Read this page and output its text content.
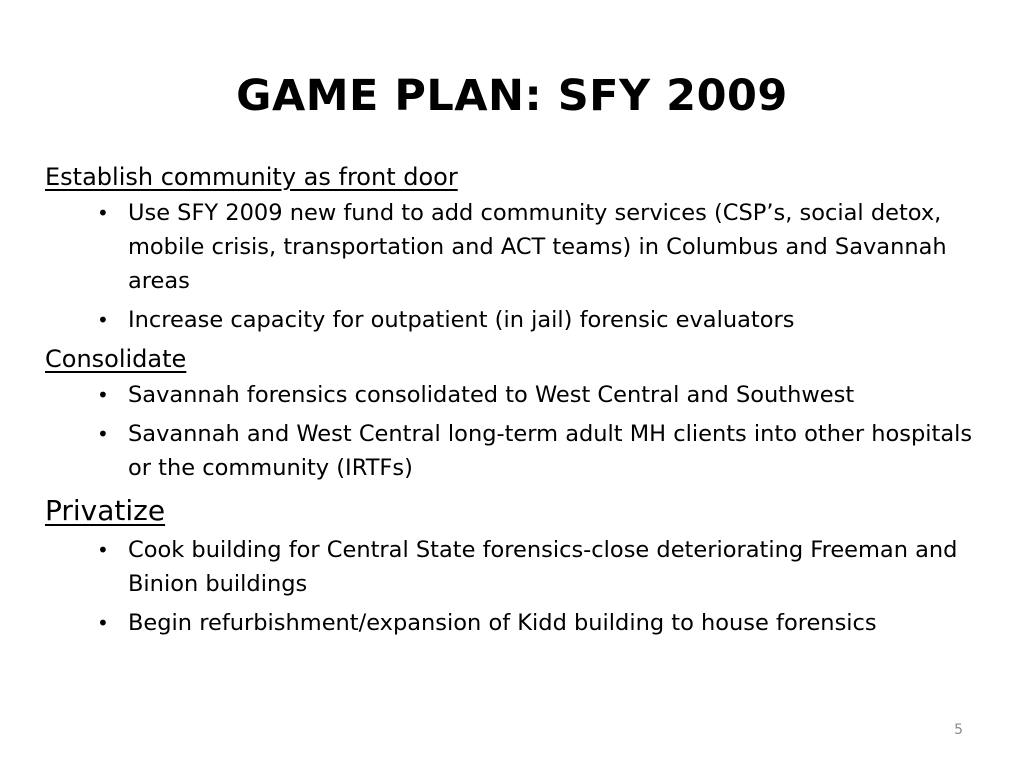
GAME PLAN: SFY 2009

Establish community as front door

• Use SFY 2009 new fund to add community services (CSP’s, social detox, mobile crisis, transportation and ACT teams) in Columbus and Savannah areas
• Increase capacity for outpatient (in jail) forensic evaluators

Consolidate

• Savannah forensics consolidated to West Central and Southwest
• Savannah and West Central long-term adult MH clients into other hospitals or the community (IRTFs)

Privatize

• Cook building for Central State forensics-close deteriorating Freeman and Binion buildings
• Begin refurbishment/expansion of Kidd building to house forensics
5
